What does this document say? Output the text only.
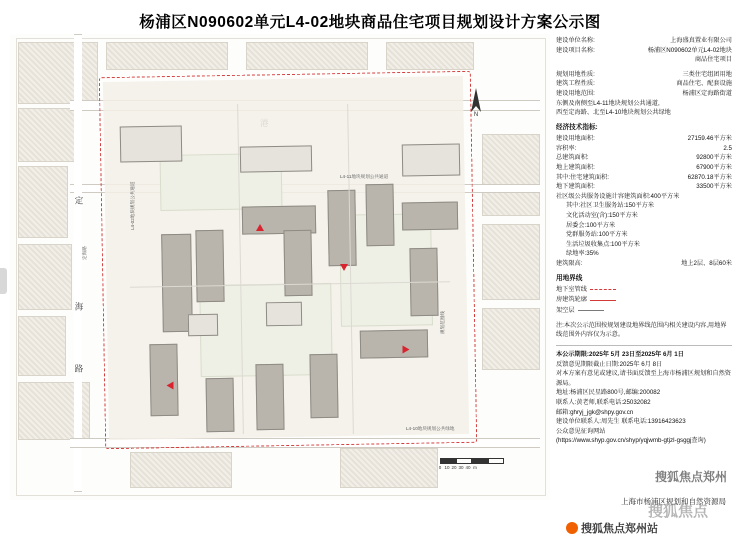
杨浦区N090602单元L4-02地块商品住宅项目规划设计方案公示图
定
海
路
N
L4-02地块规划公共通道
L4-11地块规划公共通道
L4-10地块规划公共绿地
定海路
规划范围线
0 10 20 30 40 m
建设单位名称:	上海盛真置业有限公司
建设项目名称:	杨浦区N090602单元L4-02地块
商品住宅项目
规划用地性质:	三类住宅组团用地
建筑工程性质:	商品住宅、配套设施
建设用地范围:	杨浦区定海路街道
东侧及南侧至L4-11地块规划公共通道,
西至定海路、北至L4-10地块规划公共绿地
经济技术指标:
建设用地面积:	27159.46平方米
容积率:	2.5
总建筑面积:	92800平方米
地上建筑面积:	67900平方米
其中:住宅建筑面积:	62870.18平方米
地下建筑面积:	33500平方米
社区级公共服务设施计容建筑面积:400平方米
其中:社区卫生服务站:150平方米
文化活动室(含):150平方米
居委会:100平方米
党群服务站:100平方米
生活垃圾收集点:100平方米
绿地率:35%
建筑限高:	地上2层、8层60米
用地界线
地下室管线
房建筑轮廓
架空层
注:本次公示范围按规划建设地界线范围内相关建设内容,用地界线范围外内容仅为示意。
本公示期限:2025年 5月 23日至2025年 6月 1日
反馈意见期限截止日期:2025年 6月 8日
对本方案有意见或建议,请书面反馈至上海市杨浦区规划和自然资源局。
地址:杨浦区民星路800号,邮编:200082
联系人:黄老师,联系电话:25032082
邮箱:ghryj_jgk@shpy.gov.cn
建设单位联系人:周先生 联系电话:13916423623
公众意见征询网站
(https://www.shyp.gov.cn/shyp/yqjwmb-gtjzl-gsggj查询)
上海市杨浦区规划和自然资源局
搜狐焦点
搜狐焦点郑州站
搜狐焦点郑州
